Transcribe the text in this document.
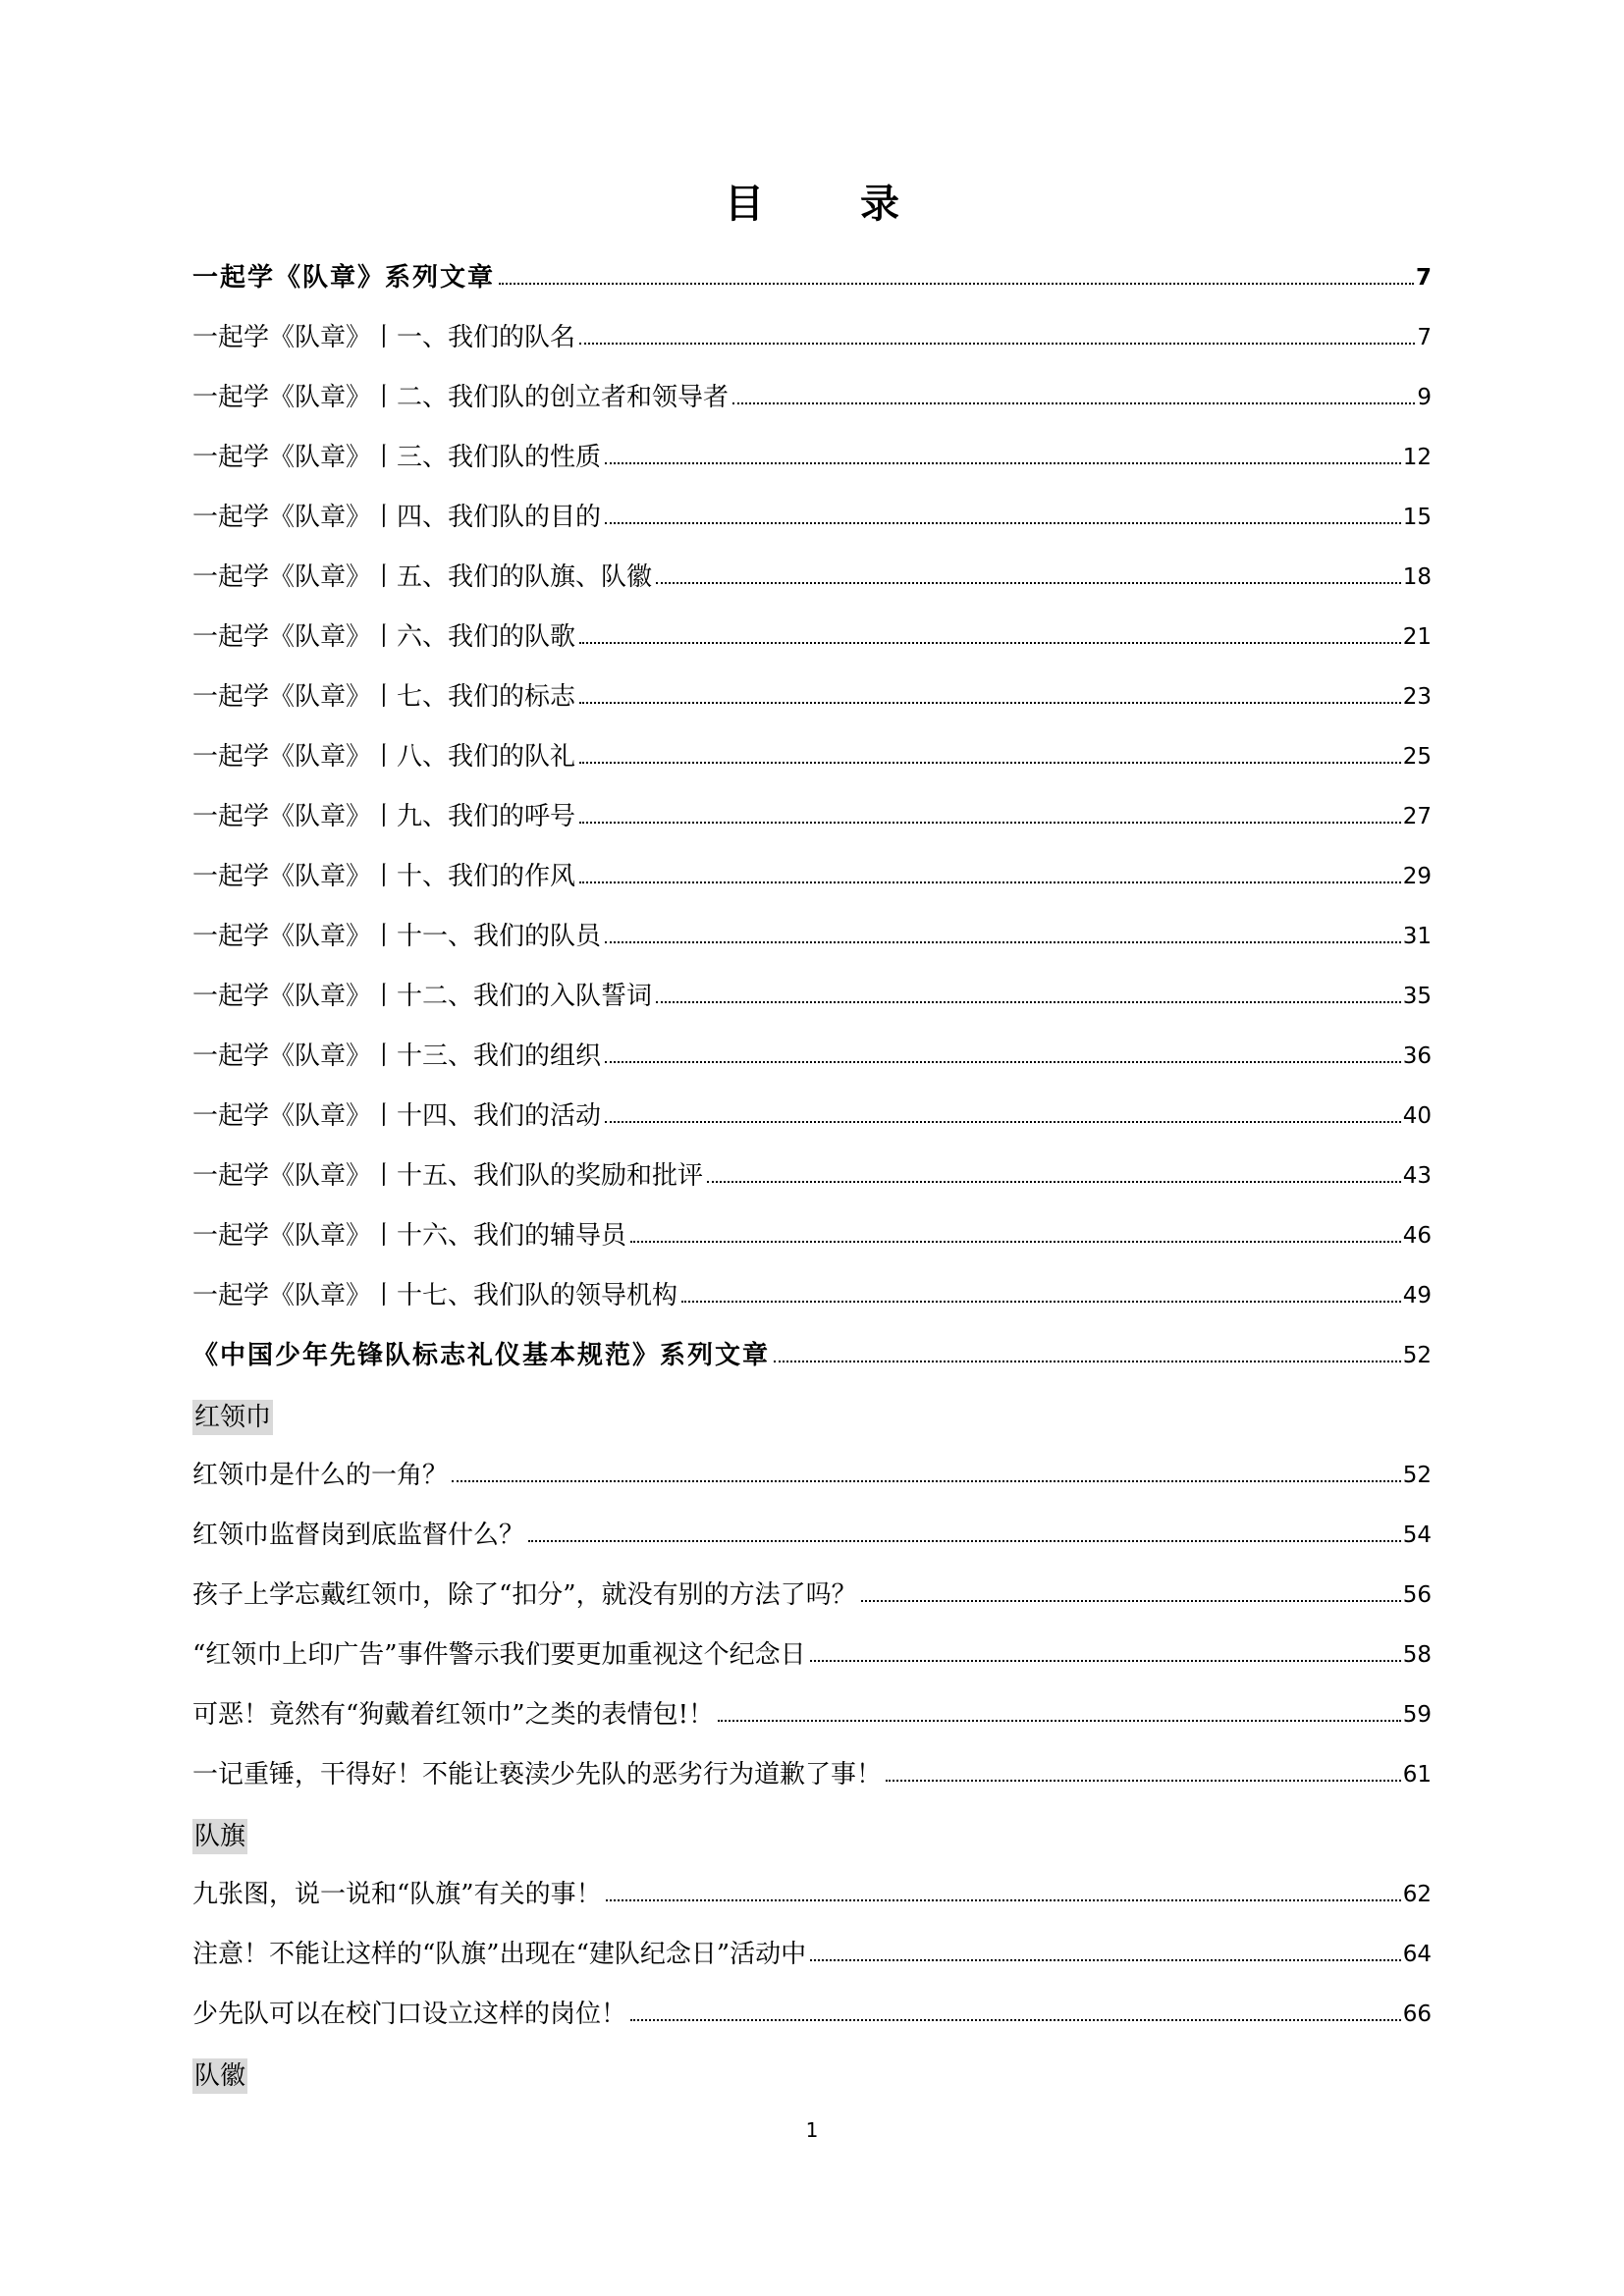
目 录
一起学《队章》系列文章	7
一起学《队章》丨一、我们的队名	7
一起学《队章》丨二、我们队的创立者和领导者	9
一起学《队章》丨三、我们队的性质	12
一起学《队章》丨四、我们队的目的	15
一起学《队章》丨五、我们的队旗、队徽	18
一起学《队章》丨六、我们的队歌	21
一起学《队章》丨七、我们的标志	23
一起学《队章》丨八、我们的队礼	25
一起学《队章》丨九、我们的呼号	27
一起学《队章》丨十、我们的作风	29
一起学《队章》丨十一、我们的队员	31
一起学《队章》丨十二、我们的入队誓词	35
一起学《队章》丨十三、我们的组织	36
一起学《队章》丨十四、我们的活动	40
一起学《队章》丨十五、我们队的奖励和批评	43
一起学《队章》丨十六、我们的辅导员	46
一起学《队章》丨十七、我们队的领导机构	49
《中国少年先锋队标志礼仪基本规范》系列文章	52
红领巾
红领巾是什么的一角？	52
红领巾监督岗到底监督什么？	54
孩子上学忘戴红领巾，除了“扣分”，就没有别的方法了吗？	56
“红领巾上印广告”事件警示我们要更加重视这个纪念日	58
可恶！竟然有“狗戴着红领巾”之类的表情包!！	59
一记重锤，干得好！不能让亵渎少先队的恶劣行为道歉了事！	61
队旗
九张图，说一说和“队旗”有关的事！	62
注意！不能让这样的“队旗”出现在“建队纪念日”活动中	64
少先队可以在校门口设立这样的岗位！	66
队徽
1
